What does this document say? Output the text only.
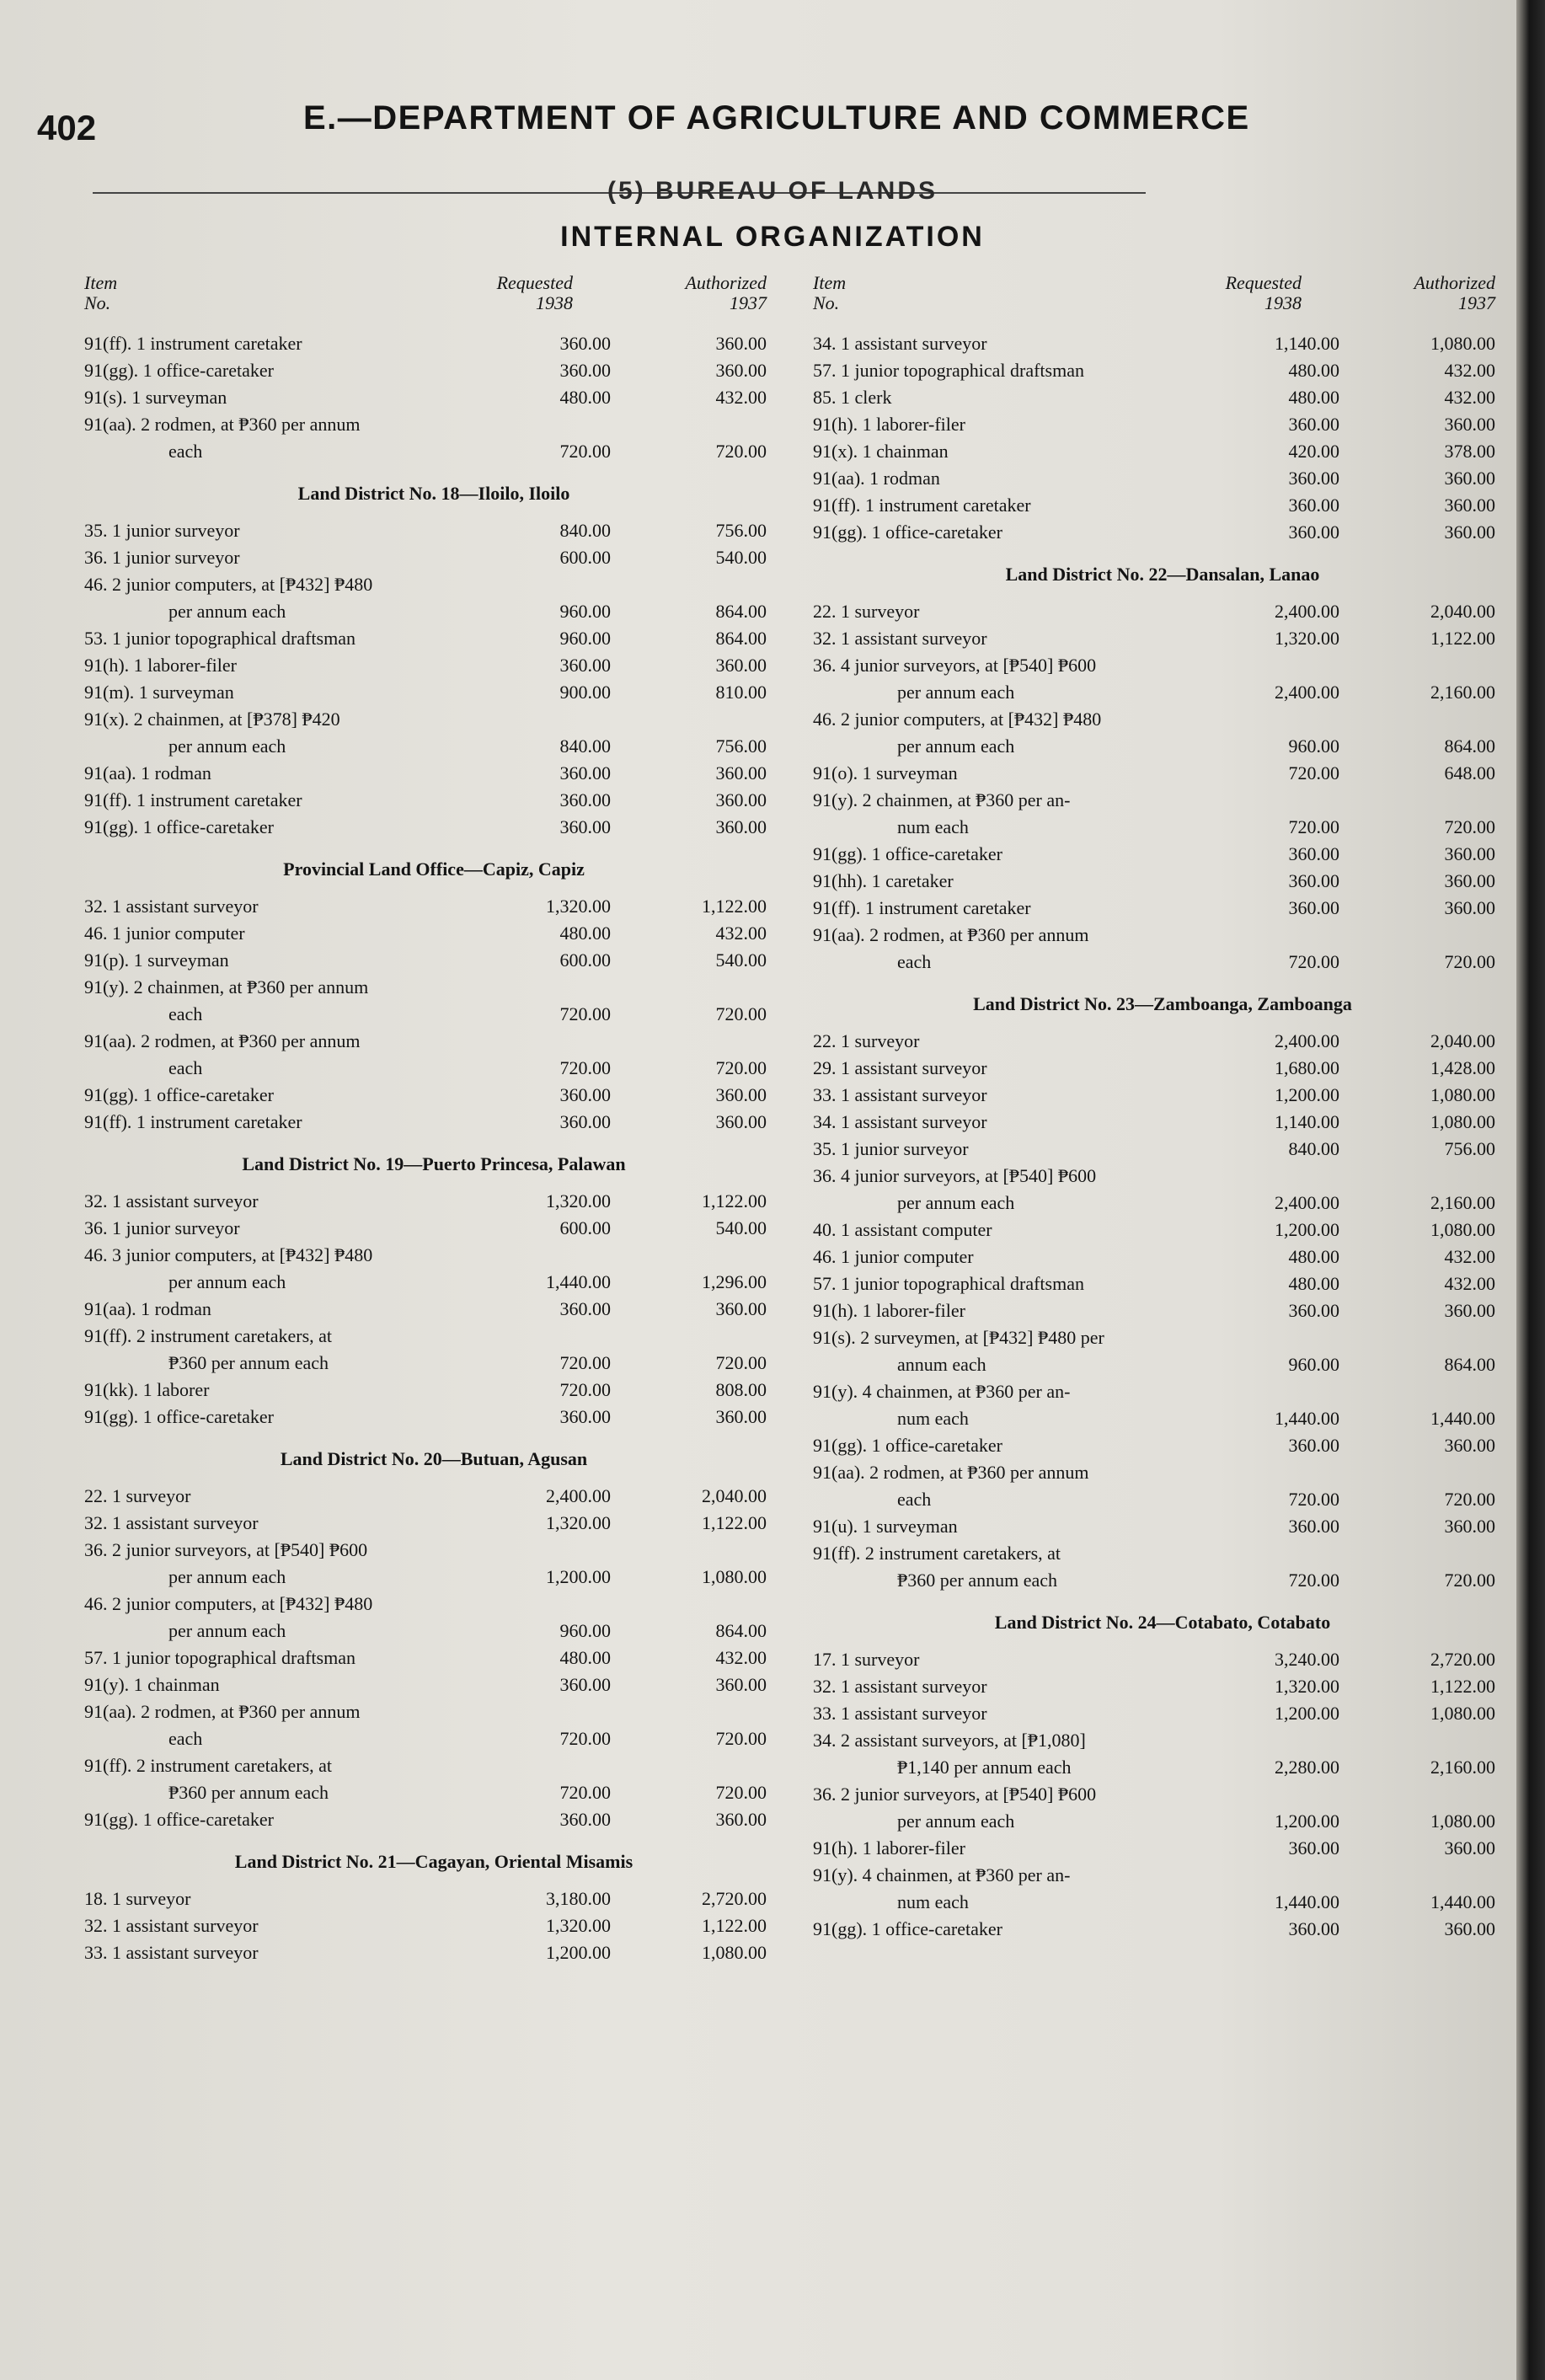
402	E.—DEPARTMENT OF AGRICULTURE AND COMMERCE
(5) BUREAU OF LANDS
INTERNAL ORGANIZATION
Item
No.
Requested
1938
Authorized
1937
91(ff). 1 instrument caretaker	360.00	360.00
91(gg). 1 office-caretaker	360.00	360.00
91(s). 1 surveyman	480.00	432.00
91(aa). 2 rodmen, at ₱360 per annum
each	720.00	720.00
Land District No. 18—Iloilo, Iloilo
35. 1 junior surveyor	840.00	756.00
36. 1 junior surveyor	600.00	540.00
46. 2 junior computers, at [₱432] ₱480
per annum each	960.00	864.00
53. 1 junior topographical draftsman	960.00	864.00
91(h). 1 laborer-filer	360.00	360.00
91(m). 1 surveyman	900.00	810.00
91(x). 2 chainmen, at [₱378] ₱420
per annum each	840.00	756.00
91(aa). 1 rodman	360.00	360.00
91(ff). 1 instrument caretaker	360.00	360.00
91(gg). 1 office-caretaker	360.00	360.00
Provincial Land Office—Capiz, Capiz
32. 1 assistant surveyor	1,320.00	1,122.00
46. 1 junior computer	480.00	432.00
91(p). 1 surveyman	600.00	540.00
91(y). 2 chainmen, at ₱360 per annum
each	720.00	720.00
91(aa). 2 rodmen, at ₱360 per annum
each	720.00	720.00
91(gg). 1 office-caretaker	360.00	360.00
91(ff). 1 instrument caretaker	360.00	360.00
Land District No. 19—Puerto Princesa, Palawan
32. 1 assistant surveyor	1,320.00	1,122.00
36. 1 junior surveyor	600.00	540.00
46. 3 junior computers, at [₱432] ₱480
per annum each	1,440.00	1,296.00
91(aa). 1 rodman	360.00	360.00
91(ff). 2 instrument caretakers, at
₱360 per annum each	720.00	720.00
91(kk). 1 laborer	720.00	808.00
91(gg). 1 office-caretaker	360.00	360.00
Land District No. 20—Butuan, Agusan
22. 1 surveyor	2,400.00	2,040.00
32. 1 assistant surveyor	1,320.00	1,122.00
36. 2 junior surveyors, at [₱540] ₱600
per annum each	1,200.00	1,080.00
46. 2 junior computers, at [₱432] ₱480
per annum each	960.00	864.00
57. 1 junior topographical draftsman	480.00	432.00
91(y). 1 chainman	360.00	360.00
91(aa). 2 rodmen, at ₱360 per annum
each	720.00	720.00
91(ff). 2 instrument caretakers, at
₱360 per annum each	720.00	720.00
91(gg). 1 office-caretaker	360.00	360.00
Land District No. 21—Cagayan, Oriental Misamis
18. 1 surveyor	3,180.00	2,720.00
32. 1 assistant surveyor	1,320.00	1,122.00
33. 1 assistant surveyor	1,200.00	1,080.00
Item
No.
Requested
1938
Authorized
1937
34. 1 assistant surveyor	1,140.00	1,080.00
57. 1 junior topographical draftsman	480.00	432.00
85. 1 clerk	480.00	432.00
91(h). 1 laborer-filer	360.00	360.00
91(x). 1 chainman	420.00	378.00
91(aa). 1 rodman	360.00	360.00
91(ff). 1 instrument caretaker	360.00	360.00
91(gg). 1 office-caretaker	360.00	360.00
Land District No. 22—Dansalan, Lanao
22. 1 surveyor	2,400.00	2,040.00
32. 1 assistant surveyor	1,320.00	1,122.00
36. 4 junior surveyors, at [₱540] ₱600
per annum each	2,400.00	2,160.00
46. 2 junior computers, at [₱432] ₱480
per annum each	960.00	864.00
91(o). 1 surveyman	720.00	648.00
91(y). 2 chainmen, at ₱360 per an-
num each	720.00	720.00
91(gg). 1 office-caretaker	360.00	360.00
91(hh). 1 caretaker	360.00	360.00
91(ff). 1 instrument caretaker	360.00	360.00
91(aa). 2 rodmen, at ₱360 per annum
each	720.00	720.00
Land District No. 23—Zamboanga, Zamboanga
22. 1 surveyor	2,400.00	2,040.00
29. 1 assistant surveyor	1,680.00	1,428.00
33. 1 assistant surveyor	1,200.00	1,080.00
34. 1 assistant surveyor	1,140.00	1,080.00
35. 1 junior surveyor	840.00	756.00
36. 4 junior surveyors, at [₱540] ₱600
per annum each	2,400.00	2,160.00
40. 1 assistant computer	1,200.00	1,080.00
46. 1 junior computer	480.00	432.00
57. 1 junior topographical draftsman	480.00	432.00
91(h). 1 laborer-filer	360.00	360.00
91(s). 2 surveymen, at [₱432] ₱480 per
annum each	960.00	864.00
91(y). 4 chainmen, at ₱360 per an-
num each	1,440.00	1,440.00
91(gg). 1 office-caretaker	360.00	360.00
91(aa). 2 rodmen, at ₱360 per annum
each	720.00	720.00
91(u). 1 surveyman	360.00	360.00
91(ff). 2 instrument caretakers, at
₱360 per annum each	720.00	720.00
Land District No. 24—Cotabato, Cotabato
17. 1 surveyor	3,240.00	2,720.00
32. 1 assistant surveyor	1,320.00	1,122.00
33. 1 assistant surveyor	1,200.00	1,080.00
34. 2 assistant surveyors, at [₱1,080]
₱1,140 per annum each	2,280.00	2,160.00
36. 2 junior surveyors, at [₱540] ₱600
per annum each	1,200.00	1,080.00
91(h). 1 laborer-filer	360.00	360.00
91(y). 4 chainmen, at ₱360 per an-
num each	1,440.00	1,440.00
91(gg). 1 office-caretaker	360.00	360.00
